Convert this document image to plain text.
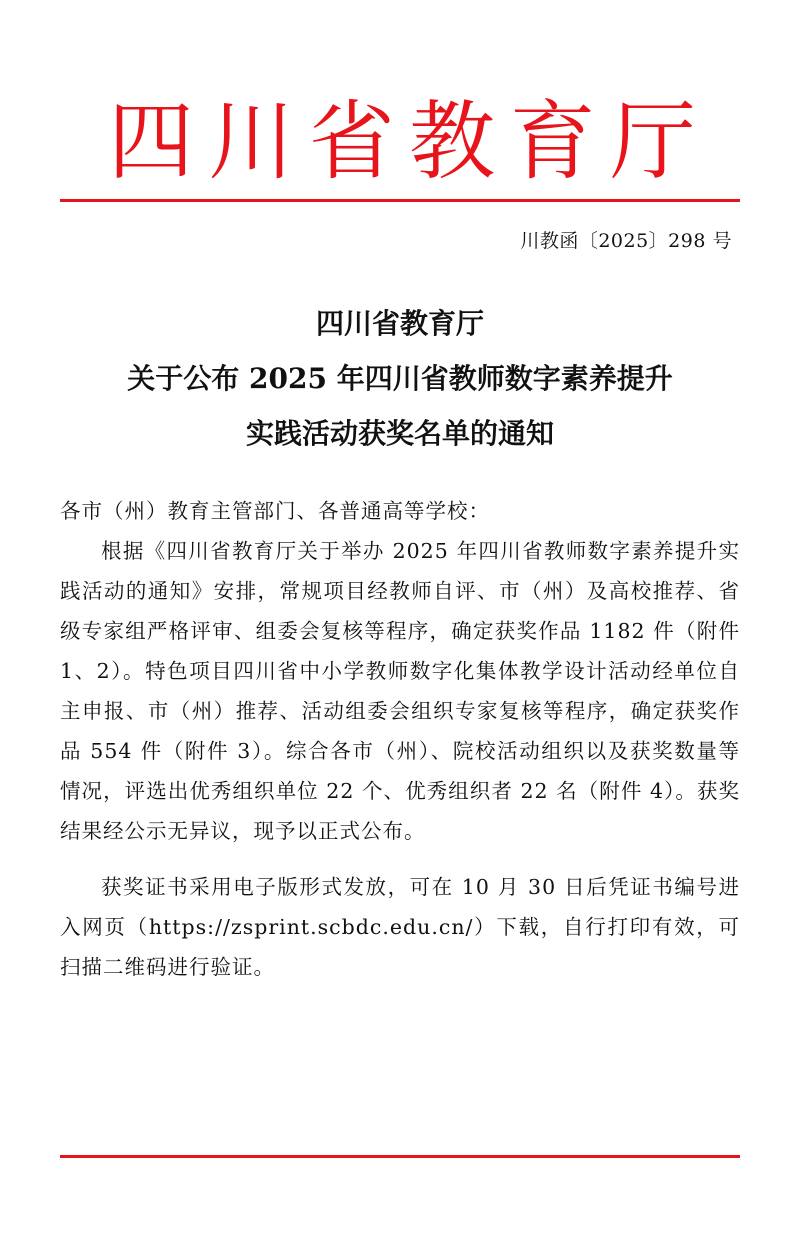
四 川 省 教 育 厅
川教函〔2025〕298 号
四川省教育厅
关于公布 2025 年四川省教师数字素养提升
实践活动获奖名单的通知

各市（州）教育主管部门、各普通高等学校：

根据《四川省教育厅关于举办 2025 年四川省教师数字素养提升实践活动的通知》安排，常规项目经教师自评、市（州）及高校推荐、省级专家组严格评审、组委会复核等程序，确定获奖作品 1182 件（附件 1、2）。特色项目四川省中小学教师数字化集体教学设计活动经单位自主申报、市（州）推荐、活动组委会组织专家复核等程序，确定获奖作品 554 件（附件 3）。综合各市（州）、院校活动组织以及获奖数量等情况，评选出优秀组织单位 22 个、优秀组织者 22 名（附件 4）。获奖结果经公示无异议，现予以正式公布。

获奖证书采用电子版形式发放，可在 10 月 30 日后凭证书编号进入网页（https://zsprint.scbdc.edu.cn/）下载，自行打印有效，可扫描二维码进行验证。
